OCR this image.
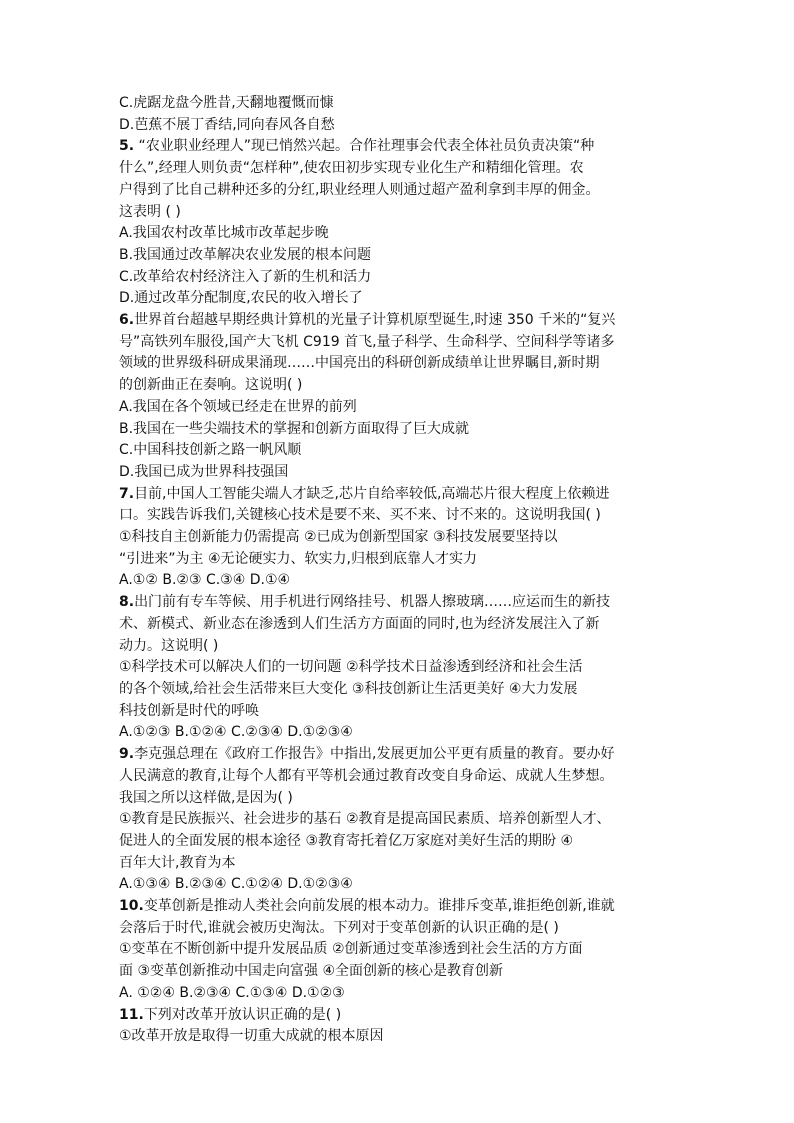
C.虎踞龙盘今胜昔,天翻地覆慨而慷

D.芭蕉不展丁香结,同向春风各自愁

5. “农业职业经理人”现已悄然兴起。合作社理事会代表全体社员负责决策“种

什么”,经理人则负责“怎样种”,使农田初步实现专业化生产和精细化管理。农

户得到了比自己耕种还多的分红,职业经理人则通过超产盈利拿到丰厚的佣金。

这表明 ( )

A.我国农村改革比城市改革起步晚

B.我国通过改革解决农业发展的根本问题

C.改革给农村经济注入了新的生机和活力

D.通过改革分配制度,农民的收入增长了

6.世界首台超越早期经典计算机的光量子计算机原型诞生,时速 350 千米的“复兴

号”高铁列车服役,国产大飞机 C919 首飞,量子科学、生命科学、空间科学等诸多

领域的世界级科研成果涌现……中国亮出的科研创新成绩单让世界瞩目,新时期

的创新曲正在奏响。这说明( )

A.我国在各个领域已经走在世界的前列

B.我国在一些尖端技术的掌握和创新方面取得了巨大成就

C.中国科技创新之路一帆风顺

D.我国已成为世界科技强国

7.目前,中国人工智能尖端人才缺乏,芯片自给率较低,高端芯片很大程度上依赖进

口。实践告诉我们,关键核心技术是要不来、买不来、讨不来的。这说明我国( )

①科技自主创新能力仍需提高 ②已成为创新型国家 ③科技发展要坚持以

“引进来”为主 ④无论硬实力、软实力,归根到底靠人才实力

A.①② B.②③ C.③④ D.①④

8.出门前有专车等候、用手机进行网络挂号、机器人擦玻璃……应运而生的新技

术、新模式、新业态在渗透到人们生活方方面面的同时,也为经济发展注入了新

动力。这说明( )

①科学技术可以解决人们的一切问题 ②科学技术日益渗透到经济和社会生活

的各个领域,给社会生活带来巨大变化 ③科技创新让生活更美好 ④大力发展

科技创新是时代的呼唤

A.①②③ B.①②④ C.②③④ D.①②③④

9.李克强总理在《政府工作报告》中指出,发展更加公平更有质量的教育。要办好

人民满意的教育,让每个人都有平等机会通过教育改变自身命运、成就人生梦想。

我国之所以这样做,是因为( )

①教育是民族振兴、社会进步的基石 ②教育是提高国民素质、培养创新型人才、

促进人的全面发展的根本途径 ③教育寄托着亿万家庭对美好生活的期盼 ④

百年大计,教育为本

A.①③④ B.②③④ C.①②④ D.①②③④

10.变革创新是推动人类社会向前发展的根本动力。谁排斥变革,谁拒绝创新,谁就

会落后于时代,谁就会被历史淘汰。下列对于变革创新的认识正确的是( )

①变革在不断创新中提升发展品质 ②创新通过变革渗透到社会生活的方方面

面 ③变革创新推动中国走向富强 ④全面创新的核心是教育创新

A. ①②④ B.②③④ C.①③④ D.①②③

11.下列对改革开放认识正确的是( )

①改革开放是取得一切重大成就的根本原因
